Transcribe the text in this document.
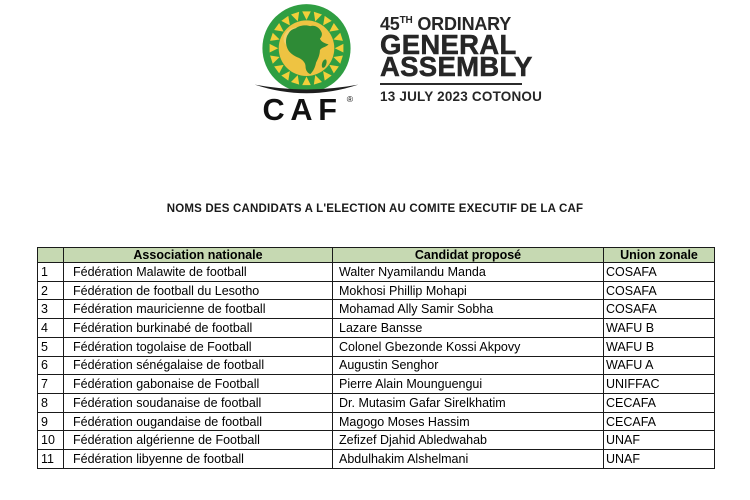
CAF ®
45TH ORDINARY
GENERAL
ASSEMBLY
13 JULY 2023 COTONOU
NOMS DES CANDIDATS A L'ELECTION AU COMITE EXECUTIF DE LA CAF
	Association nationale	Candidat proposé	Union zonale
1	Fédération Malawite de football	Walter Nyamilandu Manda	COSAFA
2	Fédération de football du Lesotho	Mokhosi Phillip Mohapi	COSAFA
3	Fédération mauricienne de football	Mohamad Ally Samir Sobha	COSAFA
4	Fédération burkinabé de football	Lazare Bansse	WAFU B
5	Fédération togolaise de Football	Colonel Gbezonde Kossi Akpovy	WAFU B
6	Fédération sénégalaise de football	Augustin Senghor	WAFU A
7	Fédération gabonaise de Football	Pierre Alain Mounguengui	UNIFFAC
8	Fédération soudanaise de football	Dr. Mutasim Gafar Sirelkhatim	CECAFA
9	Fédération ougandaise de football	Magogo Moses Hassim	CECAFA
10	Fédération algérienne de Football	Zefizef Djahid Abledwahab	UNAF
11	Fédération libyenne de football	Abdulhakim Alshelmani	UNAF
